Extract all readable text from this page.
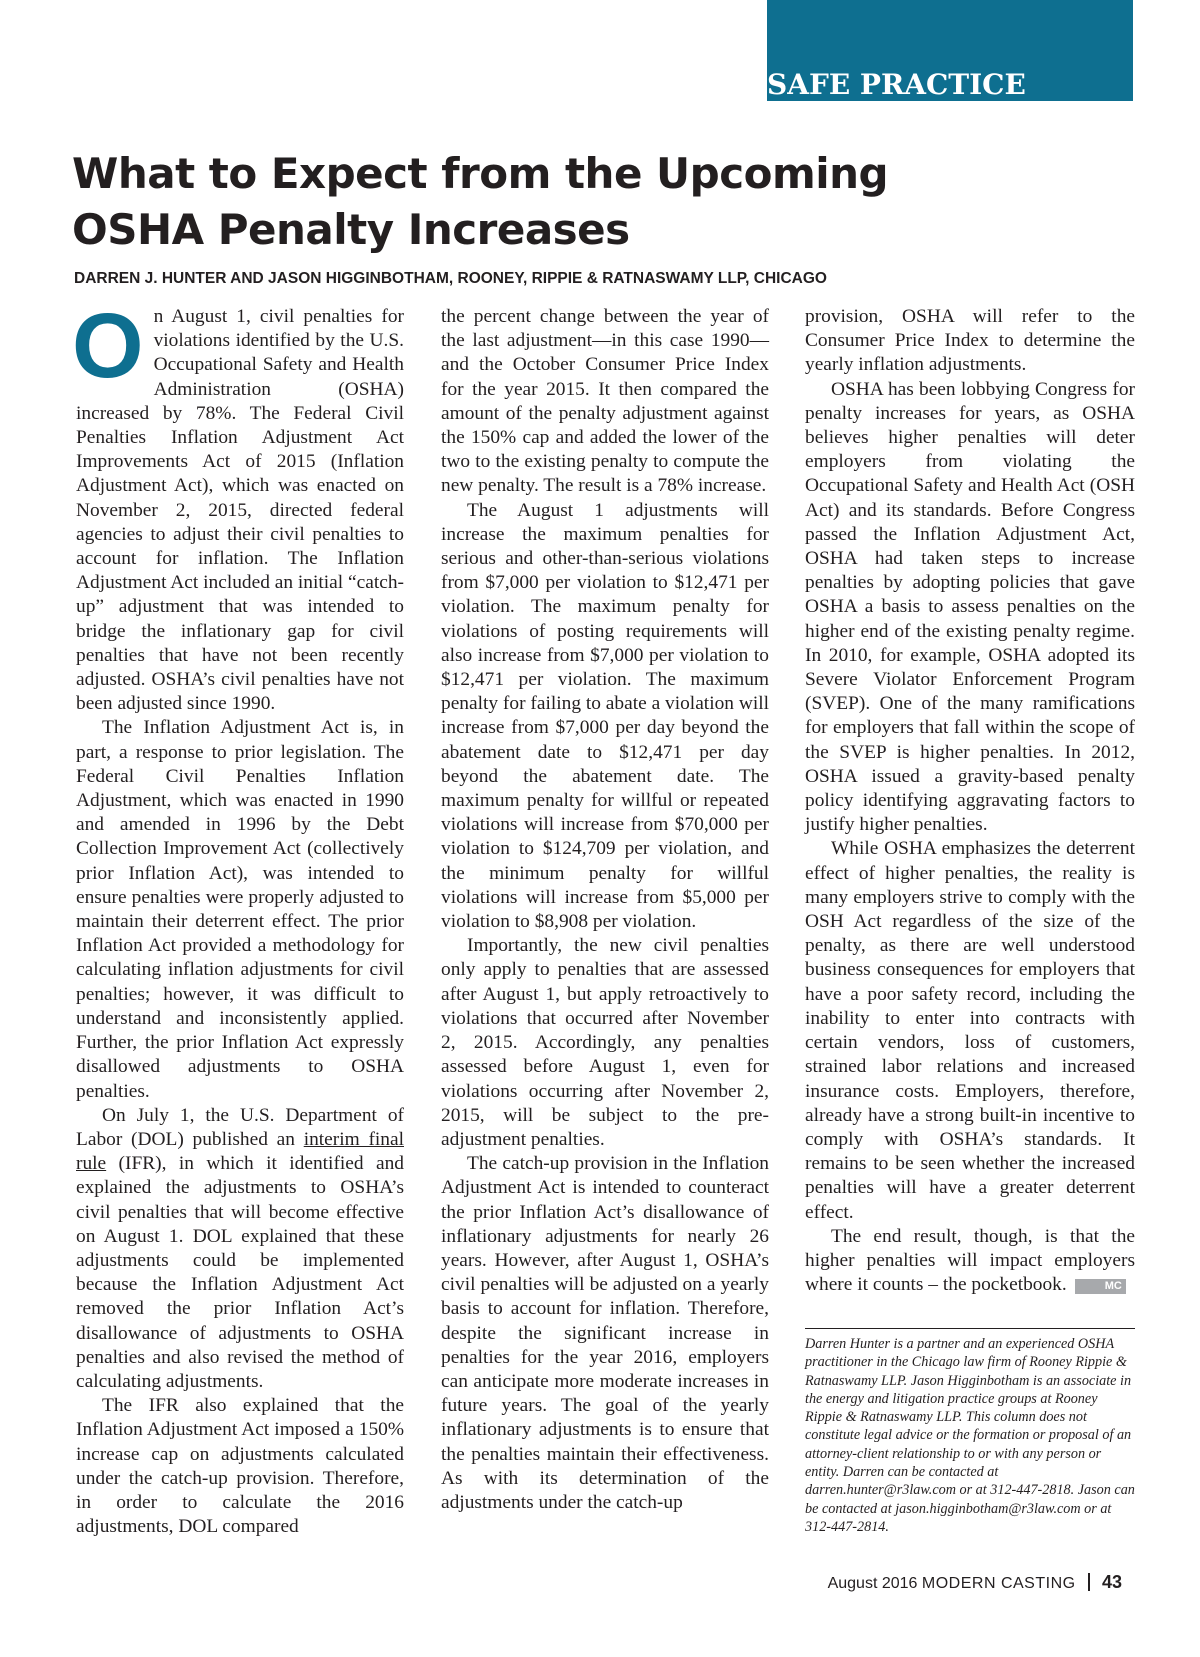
SAFE PRACTICE

What to Expect from the Upcoming
OSHA Penalty Increases

DARREN J. HUNTER AND JASON HIGGINBOTHAM, ROONEY, RIPPIE & RATNASWAMY LLP, CHICAGO

On August 1, civil penalties for violations identified by the U.S. Occupational Safety and Health Administration (OSHA) increased by 78%. The Federal Civil Penalties Inflation Adjustment Act Improvements Act of 2015 (Inflation Adjustment Act), which was enacted on November 2, 2015, directed federal agencies to adjust their civil penalties to account for inflation. The Inflation Adjustment Act included an initial “catch-up” adjustment that was intended to bridge the inflationary gap for civil penalties that have not been recently adjusted. OSHA’s civil penalties have not been adjusted since 1990.

The Inflation Adjustment Act is, in part, a response to prior legislation. The Federal Civil Penalties Inflation Adjustment, which was enacted in 1990 and amended in 1996 by the Debt Collection Improvement Act (collectively prior Inflation Act), was intended to ensure penalties were properly adjusted to maintain their deterrent effect. The prior Inflation Act provided a methodology for calculating inflation adjustments for civil penalties; however, it was difficult to understand and inconsistently applied. Further, the prior Inflation Act expressly disallowed adjustments to OSHA penalties.

On July 1, the U.S. Department of Labor (DOL) published an interim final rule (IFR), in which it identified and explained the adjustments to OSHA’s civil penalties that will become effective on August 1. DOL explained that these adjustments could be implemented because the Inflation Adjustment Act removed the prior Inflation Act’s disallowance of adjustments to OSHA penalties and also revised the method of calculating adjustments.

The IFR also explained that the Inflation Adjustment Act imposed a 150% increase cap on adjustments calculated under the catch-up provision. Therefore, in order to calculate the 2016 adjustments, DOL compared

the percent change between the year of the last adjustment—in this case 1990—and the October Consumer Price Index for the year 2015. It then compared the amount of the penalty adjustment against the 150% cap and added the lower of the two to the existing penalty to compute the new penalty. The result is a 78% increase.

The August 1 adjustments will increase the maximum penalties for serious and other-than-serious violations from $7,000 per violation to $12,471 per violation. The maximum penalty for violations of posting requirements will also increase from $7,000 per violation to $12,471 per violation. The maximum penalty for failing to abate a violation will increase from $7,000 per day beyond the abatement date to $12,471 per day beyond the abatement date. The maximum penalty for willful or repeated violations will increase from $70,000 per violation to $124,709 per violation, and the minimum penalty for willful violations will increase from $5,000 per violation to $8,908 per violation.

Importantly, the new civil penalties only apply to penalties that are assessed after August 1, but apply retroactively to violations that occurred after November 2, 2015. Accordingly, any penalties assessed before August 1, even for violations occurring after November 2, 2015, will be subject to the pre-adjustment penalties.

The catch-up provision in the Inflation Adjustment Act is intended to counteract the prior Inflation Act’s disallowance of inflationary adjustments for nearly 26 years. However, after August 1, OSHA’s civil penalties will be adjusted on a yearly basis to account for inflation. Therefore, despite the significant increase in penalties for the year 2016, employers can anticipate more moderate increases in future years. The goal of the yearly inflationary adjustments is to ensure that the penalties maintain their effectiveness. As with its determination of the adjustments under the catch-up

provision, OSHA will refer to the Consumer Price Index to determine the yearly inflation adjustments.

OSHA has been lobbying Congress for penalty increases for years, as OSHA believes higher penalties will deter employers from violating the Occupational Safety and Health Act (OSH Act) and its standards. Before Congress passed the Inflation Adjustment Act, OSHA had taken steps to increase penalties by adopting policies that gave OSHA a basis to assess penalties on the higher end of the existing penalty regime. In 2010, for example, OSHA adopted its Severe Violator Enforcement Program (SVEP). One of the many ramifications for employers that fall within the scope of the SVEP is higher penalties. In 2012, OSHA issued a gravity-based penalty policy identifying aggravating factors to justify higher penalties.

While OSHA emphasizes the deterrent effect of higher penalties, the reality is many employers strive to comply with the OSH Act regardless of the size of the penalty, as there are well understood business consequences for employers that have a poor safety record, including the inability to enter into contracts with certain vendors, loss of customers, strained labor relations and increased insurance costs. Employers, therefore, already have a strong built-in incentive to comply with OSHA’s standards. It remains to be seen whether the increased penalties will have a greater deterrent effect.

The end result, though, is that the higher penalties will impact employers where it counts – the pocketbook.	MC

Darren Hunter is a partner and an experienced OSHA practitioner in the Chicago law firm of Rooney Rippie & Ratnaswamy LLP. Jason Higginbotham is an associate in the energy and litigation practice groups at Rooney Rippie & Ratnaswamy LLP. This column does not constitute legal advice or the formation or proposal of an attorney-client relationship to or with any person or entity. Darren can be contacted at darren.hunter@r3law.com or at 312-447-2818. Jason can be contacted at jason.higginbotham@r3law.com or at 312-447-2814.

August 2016 MODERN CASTING 43
